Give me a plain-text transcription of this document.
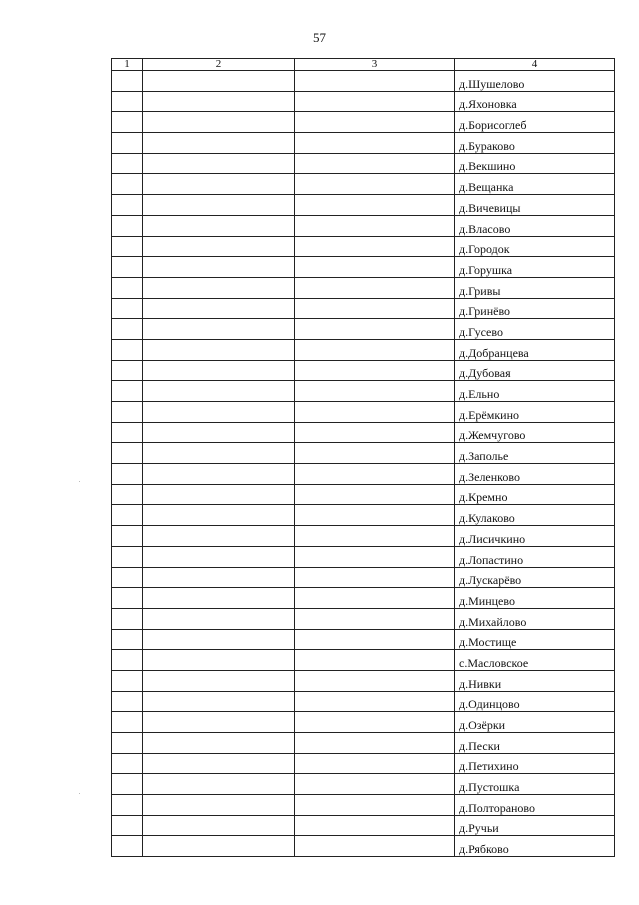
57
1	2	3	4
			д.Шушелово
			д.Яхоновка
			д.Борисоглеб
			д.Бураково
			д.Векшино
			д.Вещанка
			д.Вичевицы
			д.Власово
			д.Городок
			д.Горушка
			д.Гривы
			д.Гринёво
			д.Гусево
			д.Добранцева
			д.Дубовая
			д.Ельно
			д.Ерёмкино
			д.Жемчугово
			д.Заполье
			д.Зеленково
			д.Кремно
			д.Кулаково
			д.Лисичкино
			д.Лопастино
			д.Лускарёво
			д.Минцево
			д.Михайлово
			д.Мостище
			с.Масловское
			д.Нивки
			д.Одинцово
			д.Озёрки
			д.Пески
			д.Петихино
			д.Пустошка
			д.Полтораново
			д.Ручьи
			д.Рябково
